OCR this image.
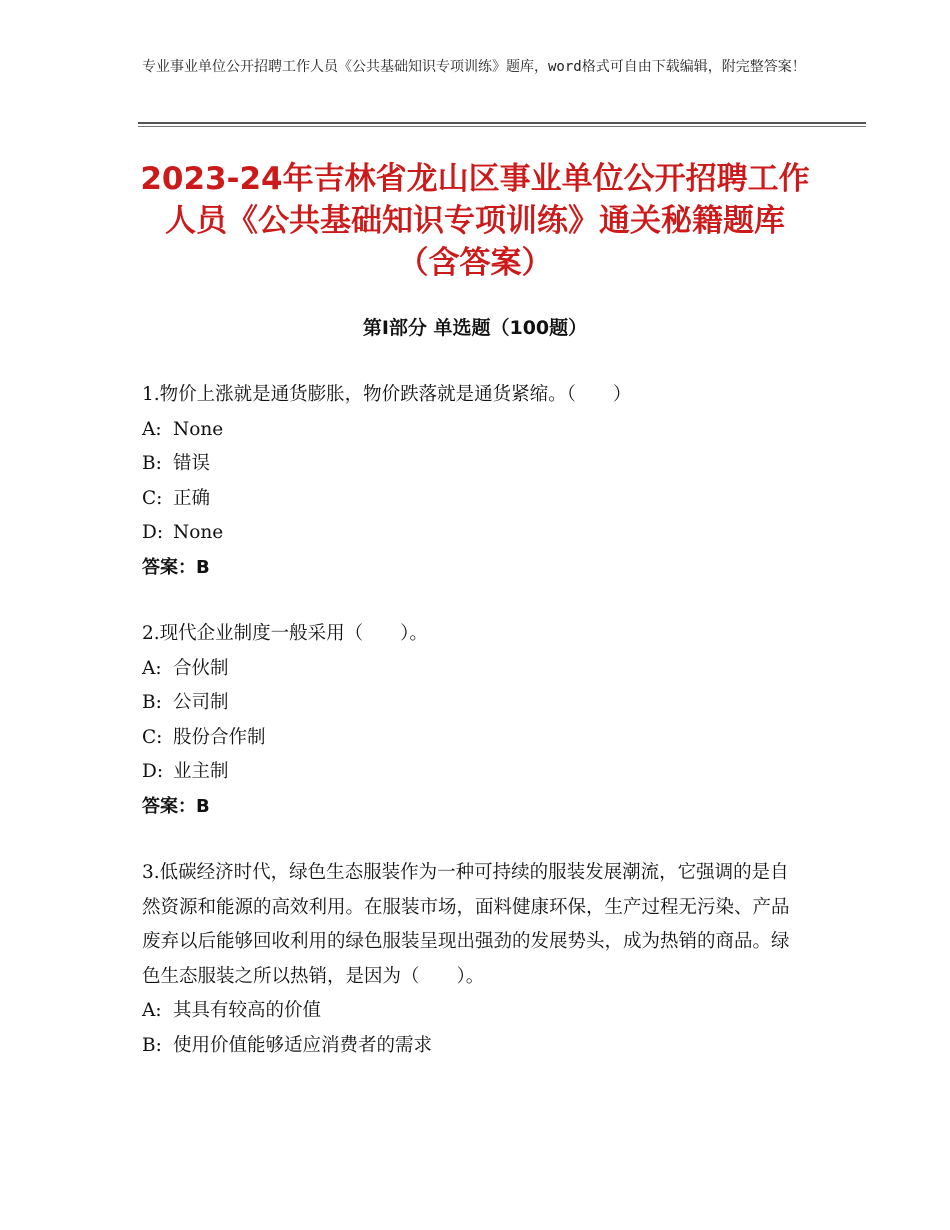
专业事业单位公开招聘工作人员《公共基础知识专项训练》题库，word格式可自由下载编辑，附完整答案！
2023-24年吉林省龙山区事业单位公开招聘工作人员《公共基础知识专项训练》通关秘籍题库（含答案）
第Ⅰ部分 单选题（100题）

1.物价上涨就是通货膨胀，物价跌落就是通货紧缩。（　　）

A: None

B: 错误

C: 正确

D: None

答案：B

2.现代企业制度一般采用（　　）。

A: 合伙制

B: 公司制

C: 股份合作制

D: 业主制

答案：B

3.低碳经济时代，绿色生态服装作为一种可持续的服装发展潮流，它强调的是自然资源和能源的高效利用。在服装市场，面料健康环保，生产过程无污染、产品废弃以后能够回收利用的绿色服装呈现出强劲的发展势头，成为热销的商品。绿色生态服装之所以热销，是因为（　　）。

A: 其具有较高的价值

B: 使用价值能够适应消费者的需求
